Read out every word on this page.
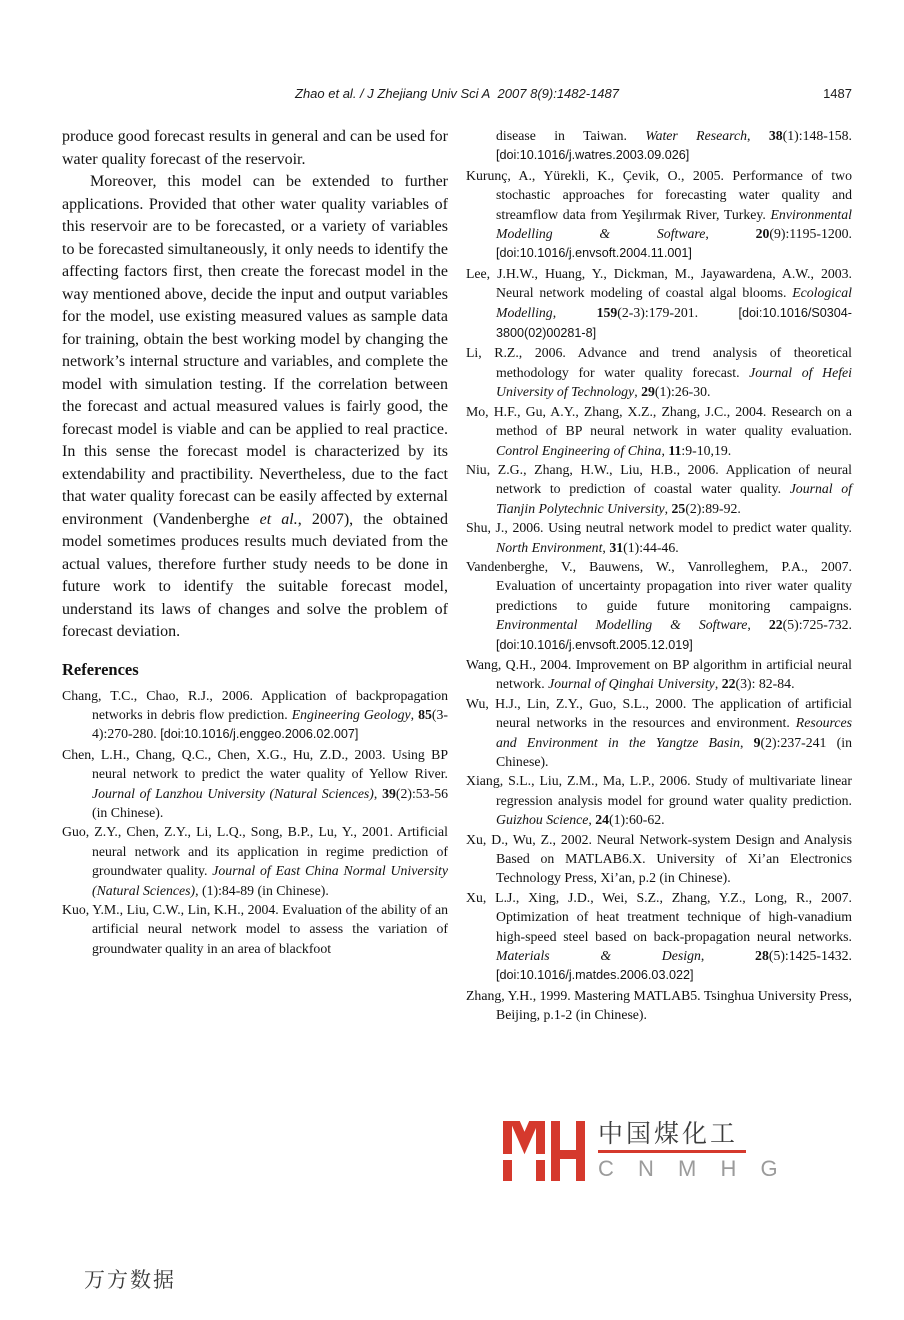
Zhao et al. / J Zhejiang Univ Sci A  2007 8(9):1482-1487	1487

produce good forecast results in general and can be used for water quality forecast of the reservoir.

Moreover, this model can be extended to further applications. Provided that other water quality variables of this reservoir are to be forecasted, or a variety of variables to be forecasted simultaneously, it only needs to identify the affecting factors first, then create the forecast model in the way mentioned above, decide the input and output variables for the model, use existing measured values as sample data for training, obtain the best working model by changing the network’s internal structure and variables, and complete the model with simulation testing. If the correlation between the forecast and actual measured values is fairly good, the forecast model is viable and can be applied to real practice. In this sense the forecast model is characterized by its extendability and practibility. Nevertheless, due to the fact that water quality forecast can be easily affected by external environment (Vandenberghe et al., 2007), the obtained model sometimes produces results much deviated from the actual values, therefore further study needs to be done in future work to identify the suitable forecast model, understand its laws of changes and solve the problem of forecast deviation.

References

Chang, T.C., Chao, R.J., 2006. Application of backpropagation networks in debris flow prediction. Engineering Geology, 85(3-4):270-280. [doi:10.1016/j.enggeo.2006.02.007]

Chen, L.H., Chang, Q.C., Chen, X.G., Hu, Z.D., 2003. Using BP neural network to predict the water quality of Yellow River. Journal of Lanzhou University (Natural Sciences), 39(2):53-56 (in Chinese).

Guo, Z.Y., Chen, Z.Y., Li, L.Q., Song, B.P., Lu, Y., 2001. Artificial neural network and its application in regime prediction of groundwater quality. Journal of East China Normal University (Natural Sciences), (1):84-89 (in Chinese).

Kuo, Y.M., Liu, C.W., Lin, K.H., 2004. Evaluation of the ability of an artificial neural network model to assess the variation of groundwater quality in an area of blackfoot

disease in Taiwan. Water Research, 38(1):148-158. [doi:10.1016/j.watres.2003.09.026]

Kurunç, A., Yürekli, K., Çevik, O., 2005. Performance of two stochastic approaches for forecasting water quality and streamflow data from Yeşilırmak River, Turkey. Environmental Modelling & Software, 20(9):1195-1200. [doi:10.1016/j.envsoft.2004.11.001]

Lee, J.H.W., Huang, Y., Dickman, M., Jayawardena, A.W., 2003. Neural network modeling of coastal algal blooms. Ecological Modelling, 159(2-3):179-201. [doi:10.1016/S0304-3800(02)00281-8]

Li, R.Z., 2006. Advance and trend analysis of theoretical methodology for water quality forecast. Journal of Hefei University of Technology, 29(1):26-30.

Mo, H.F., Gu, A.Y., Zhang, X.Z., Zhang, J.C., 2004. Research on a method of BP neural network in water quality evaluation. Control Engineering of China, 11:9-10,19.

Niu, Z.G., Zhang, H.W., Liu, H.B., 2006. Application of neural network to prediction of coastal water quality. Journal of Tianjin Polytechnic University, 25(2):89-92.

Shu, J., 2006. Using neutral network model to predict water quality. North Environment, 31(1):44-46.

Vandenberghe, V., Bauwens, W., Vanrolleghem, P.A., 2007. Evaluation of uncertainty propagation into river water quality predictions to guide future monitoring campaigns. Environmental Modelling & Software, 22(5):725-732. [doi:10.1016/j.envsoft.2005.12.019]

Wang, Q.H., 2004. Improvement on BP algorithm in artificial neural network. Journal of Qinghai University, 22(3): 82-84.

Wu, H.J., Lin, Z.Y., Guo, S.L., 2000. The application of artificial neural networks in the resources and environment. Resources and Environment in the Yangtze Basin, 9(2):237-241 (in Chinese).

Xiang, S.L., Liu, Z.M., Ma, L.P., 2006. Study of multivariate linear regression analysis model for ground water quality prediction. Guizhou Science, 24(1):60-62.

Xu, D., Wu, Z., 2002. Neural Network-system Design and Analysis Based on MATLAB6.X. University of Xi’an Electronics Technology Press, Xi’an, p.2 (in Chinese).

Xu, L.J., Xing, J.D., Wei, S.Z., Zhang, Y.Z., Long, R., 2007. Optimization of heat treatment technique of high-vanadium high-speed steel based on back-propagation neural networks. Materials & Design, 28(5):1425-1432. [doi:10.1016/j.matdes.2006.03.022]

Zhang, Y.H., 1999. Mastering MATLAB5. Tsinghua University Press, Beijing, p.1-2 (in Chinese).

中国煤化工
C N M H G
万方数据
